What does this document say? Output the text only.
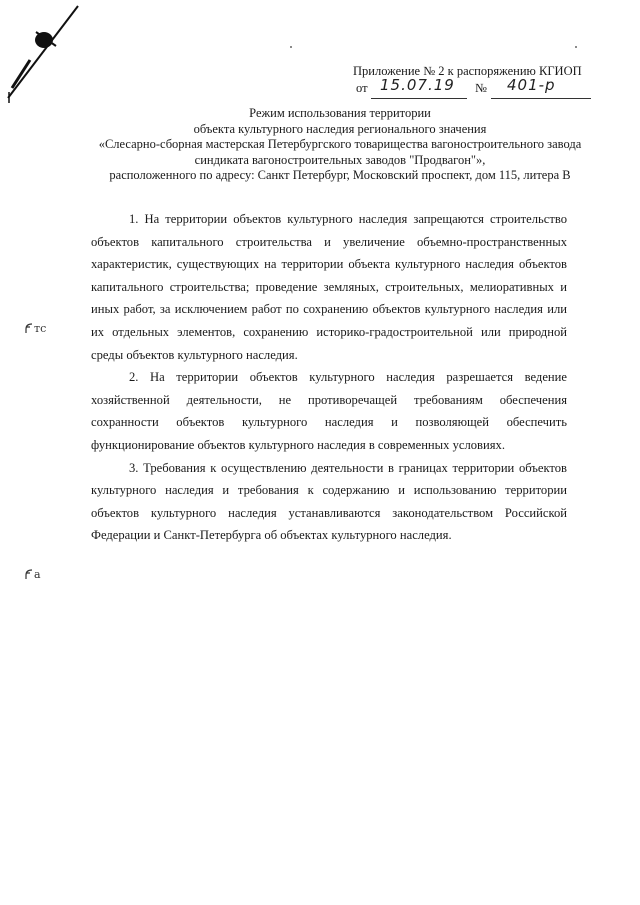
Приложение № 2 к распоряжению КГИОП
от 15.07.19 № 401-р
Режим использования территории
объекта культурного наследия регионального значения
«Слесарно-сборная мастерская Петербургского товарищества вагоностроительного завода
синдиката вагоностроительных заводов "Продвагон"»,
расположенного по адресу: Санкт Петербург, Московский проспект, дом 115, литера В

1. На территории объектов культурного наследия запрещаются строительство объектов капитального строительства и увеличение объемно-пространственных характеристик, существующих на территории объекта культурного наследия объектов капитального строительства; проведение земляных, строительных, мелиоративных и иных работ, за исключением работ по сохранению объектов культурного наследия или их отдельных элементов, сохранению историко-градостроительной или природной среды объектов культурного наследия.

2. На территории объектов культурного наследия разрешается ведение хозяйственной деятельности, не противоречащей требованиям обеспечения сохранности объектов культурного наследия и позволяющей обеспечить функционирование объектов культурного наследия в современных условиях.

3. Требования к осуществлению деятельности в границах территории объектов культурного наследия и требования к содержанию и использованию территории объектов культурного наследия устанавливаются законодательством Российской Федерации и Санкт-Петербурга об объектах культурного наследия.

тс
а
